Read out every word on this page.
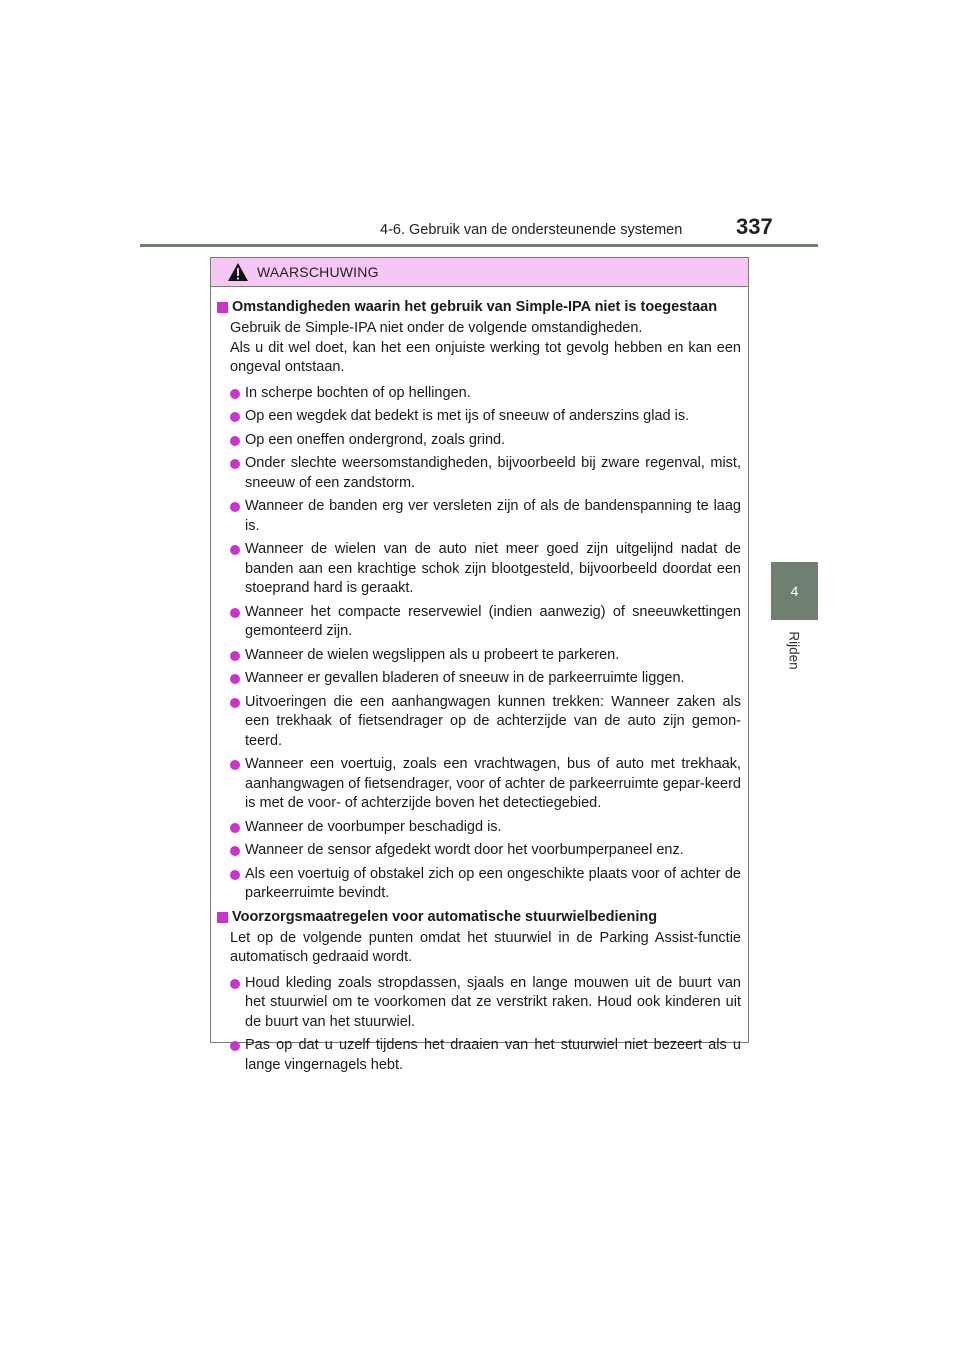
4-6. Gebruik van de ondersteunende systemen	337
4
Rijden
WAARSCHUWING
Omstandigheden waarin het gebruik van Simple-IPA niet is toegestaan
Gebruik de Simple-IPA niet onder de volgende omstandigheden.
Als u dit wel doet, kan het een onjuiste werking tot gevolg hebben en kan een ongeval ontstaan.
In scherpe bochten of op hellingen.
Op een wegdek dat bedekt is met ijs of sneeuw of anderszins glad is.
Op een oneffen ondergrond, zoals grind.
Onder slechte weersomstandigheden, bijvoorbeeld bij zware regenval, mist, sneeuw of een zandstorm.
Wanneer de banden erg ver versleten zijn of als de bandenspanning te laag is.
Wanneer de wielen van de auto niet meer goed zijn uitgelijnd nadat de banden aan een krachtige schok zijn blootgesteld, bijvoorbeeld doordat een stoeprand hard is geraakt.
Wanneer het compacte reservewiel (indien aanwezig) of sneeuwkettingen gemonteerd zijn.
Wanneer de wielen wegslippen als u probeert te parkeren.
Wanneer er gevallen bladeren of sneeuw in de parkeerruimte liggen.
Uitvoeringen die een aanhangwagen kunnen trekken: Wanneer zaken als een trekhaak of fietsendrager op de achterzijde van de auto zijn gemon-teerd.
Wanneer een voertuig, zoals een vrachtwagen, bus of auto met trekhaak, aanhangwagen of fietsendrager, voor of achter de parkeerruimte gepar-keerd is met de voor- of achterzijde boven het detectiegebied.
Wanneer de voorbumper beschadigd is.
Wanneer de sensor afgedekt wordt door het voorbumperpaneel enz.
Als een voertuig of obstakel zich op een ongeschikte plaats voor of achter de parkeerruimte bevindt.
Voorzorgsmaatregelen voor automatische stuurwielbediening
Let op de volgende punten omdat het stuurwiel in de Parking Assist-functie automatisch gedraaid wordt.
Houd kleding zoals stropdassen, sjaals en lange mouwen uit de buurt van het stuurwiel om te voorkomen dat ze verstrikt raken. Houd ook kinderen uit de buurt van het stuurwiel.
Pas op dat u uzelf tijdens het draaien van het stuurwiel niet bezeert als u lange vingernagels hebt.
